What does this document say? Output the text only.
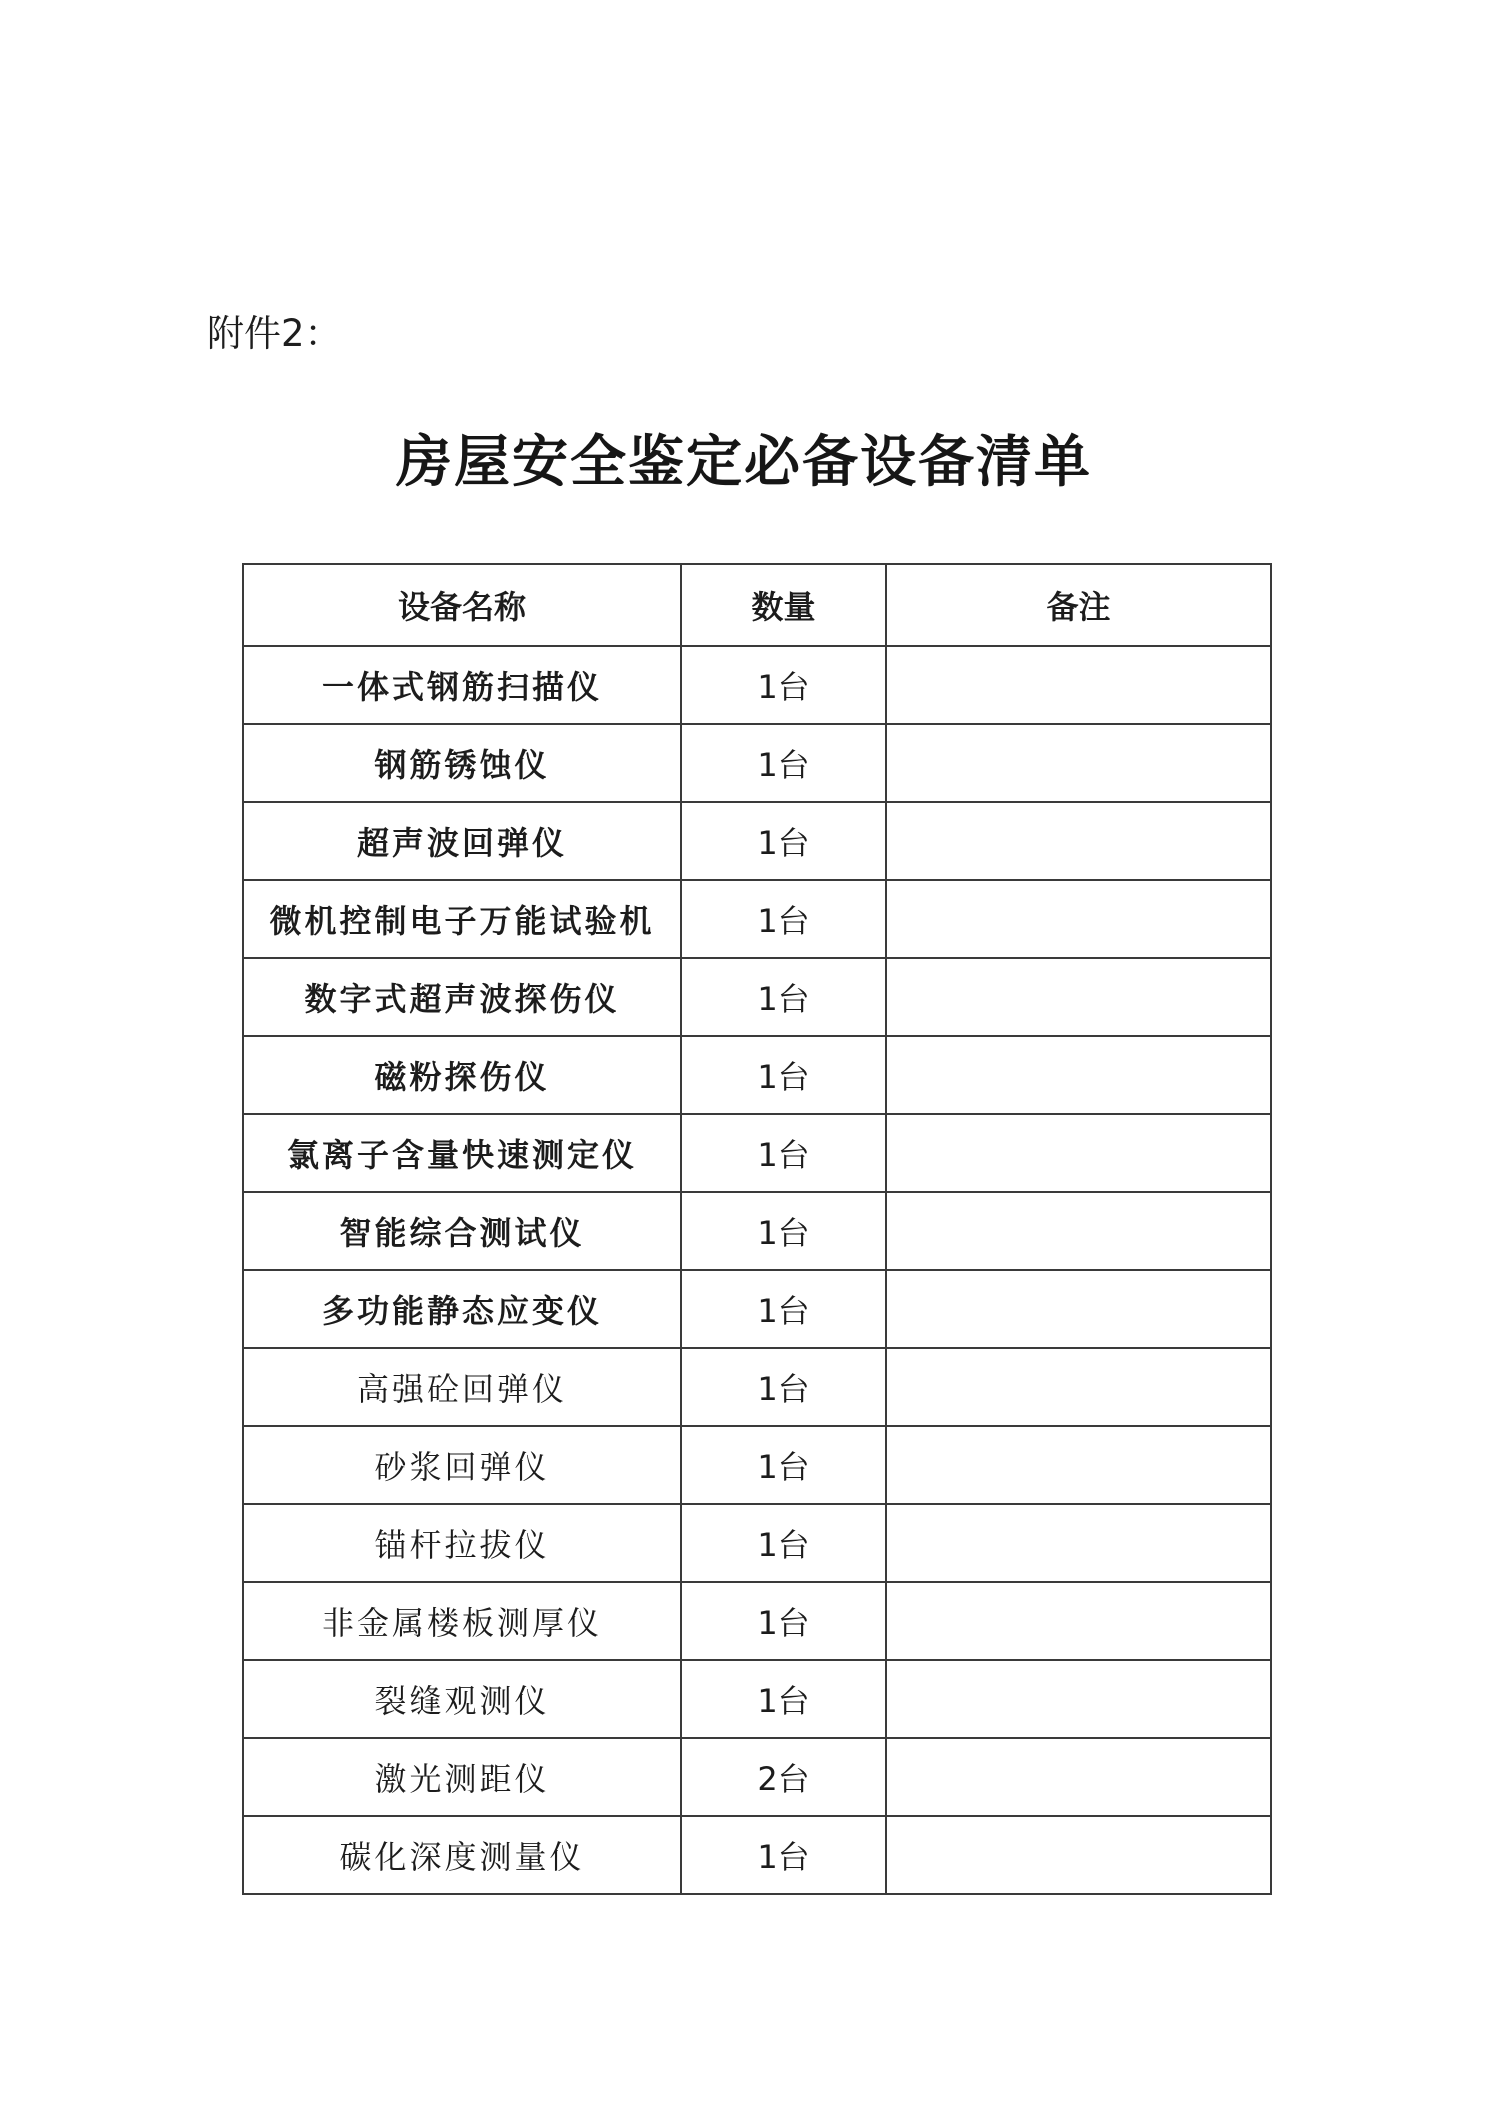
附件2：
房屋安全鉴定必备设备清单
设备名称	数量	备注
一体式钢筋扫描仪	1台	
钢筋锈蚀仪	1台	
超声波回弹仪	1台	
微机控制电子万能试验机	1台	
数字式超声波探伤仪	1台	
磁粉探伤仪	1台	
氯离子含量快速测定仪	1台	
智能综合测试仪	1台	
多功能静态应变仪	1台	
高强砼回弹仪	1台	
砂浆回弹仪	1台	
锚杆拉拔仪	1台	
非金属楼板测厚仪	1台	
裂缝观测仪	1台	
激光测距仪	2台	
碳化深度测量仪	1台	
